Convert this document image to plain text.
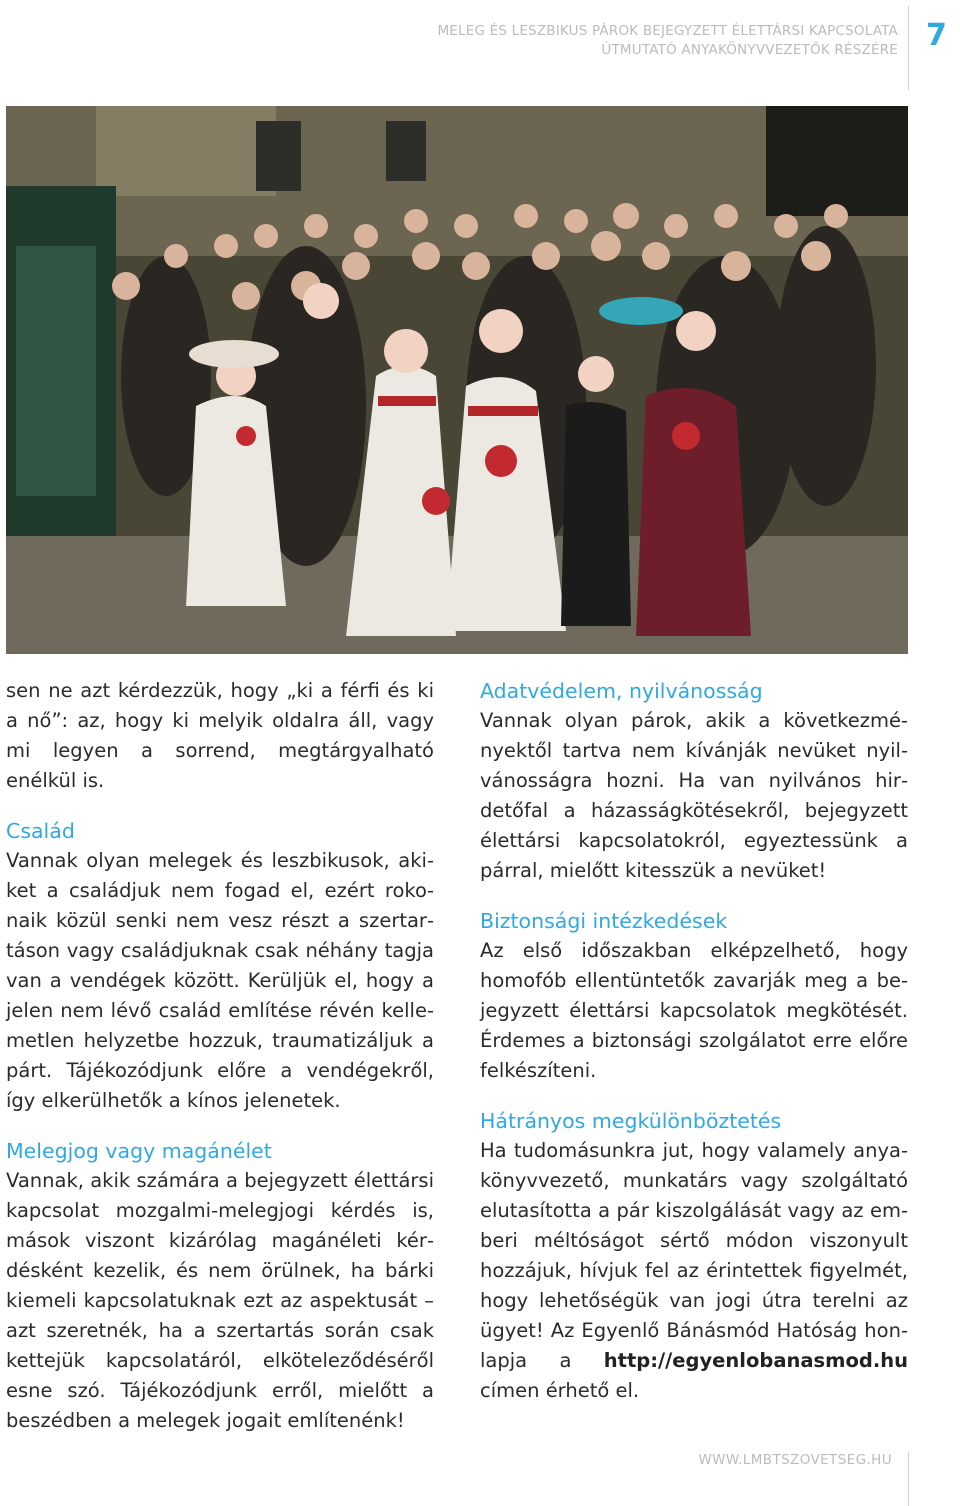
MELEG ÉS LESZBIKUS PÁROK BEJEGYZETT ÉLETTÁRSI KAPCSOLATA
ÚTMUTATÓ ANYAKÖNYVVEZETŐK RÉSZÉRE 7

sen ne azt kérdezzük, hogy „ki a férfi és ki a nő”: az, hogy ki melyik oldalra áll, vagy mi legyen a sorrend, megtárgyalható enélkül is.

Család

Vannak olyan melegek és leszbikusok, akiket a családjuk nem fogad el, ezért rokonaik közül senki nem vesz részt a szertartáson vagy családjuknak csak néhány tagja van a vendégek között. Kerüljük el, hogy a jelen nem lévő család említése révén kellemetlen helyzetbe hozzuk, traumatizáljuk a párt. Tájékozódjunk előre a vendégekről, így elkerülhetők a kínos jelenetek.

Melegjog vagy magánélet

Vannak, akik számára a bejegyzett élettársi kapcsolat mozgalmi-melegjogi kérdés is, mások viszont kizárólag magánéleti kérdésként kezelik, és nem örülnek, ha bárki kiemeli kapcsolatuknak ezt az aspektusát – azt szeretnék, ha a szertartás során csak kettejük kapcsolatáról, elköteleződéséről esne szó. Tájékozódjunk erről, mielőtt a beszédben a melegek jogait említenénk!

Adatvédelem, nyilvánosság

Vannak olyan párok, akik a következményektől tartva nem kívánják nevüket nyilvánosságra hozni. Ha van nyilvános hirdetőfal a házasságkötésekről, bejegyzett élettársi kapcsolatokról, egyeztessünk a párral, mielőtt kitesszük a nevüket!

Biztonsági intézkedések

Az első időszakban elképzelhető, hogy homofób ellentüntetők zavarják meg a bejegyzett élettársi kapcsolatok megkötését. Érdemes a biztonsági szolgálatot erre előre felkészíteni.

Hátrányos megkülönböztetés

Ha tudomásunkra jut, hogy valamely anyakönyvvezető, munkatárs vagy szolgáltató elutasította a pár kiszolgálását vagy az emberi méltóságot sértő módon viszonyult hozzájuk, hívjuk fel az érintettek figyelmét, hogy lehetőségük van jogi útra terelni az ügyet! Az Egyenlő Bánásmód Hatóság honlapja a http://egyenlobanasmod.hu címen érhető el.

WWW.LMBTSZOVETSEG.HU
